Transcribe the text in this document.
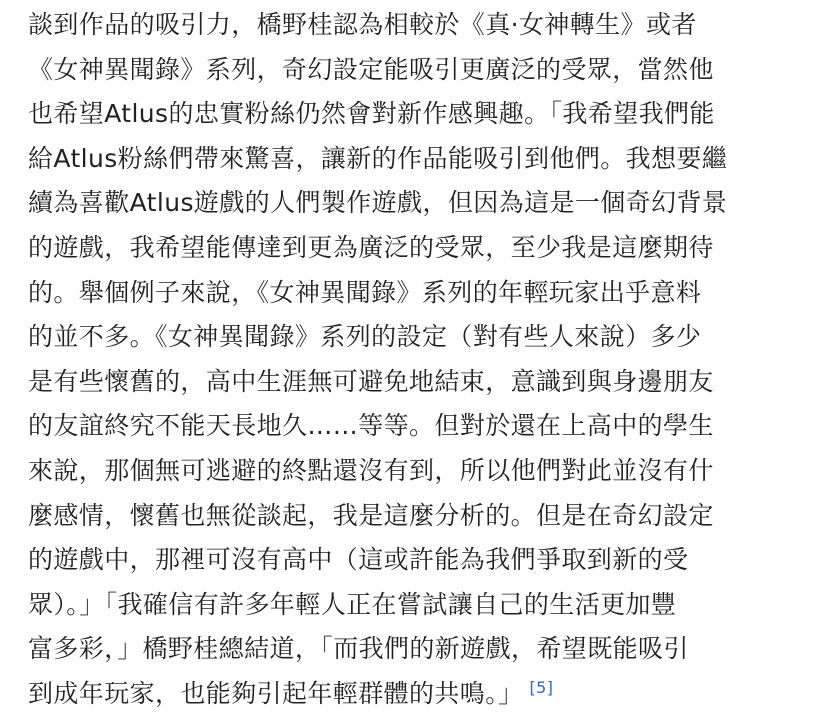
談到作品的吸引力，橋野桂認為相較於《真·女神轉生》或者
《女神異聞錄》系列，奇幻設定能吸引更廣泛的受眾，當然他
也希望Atlus的忠實粉絲仍然會對新作感興趣。「我希望我們能
給Atlus粉絲們帶來驚喜，讓新的作品能吸引到他們。我想要繼
續為喜歡Atlus遊戲的人們製作遊戲，但因為這是一個奇幻背景
的遊戲，我希望能傳達到更為廣泛的受眾，至少我是這麼期待
的。舉個例子來說，《女神異聞錄》系列的年輕玩家出乎意料
的並不多。《女神異聞錄》系列的設定（對有些人來說）多少
是有些懷舊的，高中生涯無可避免地結束，意識到與身邊朋友
的友誼終究不能天長地久……等等。但對於還在上高中的學生
來說，那個無可逃避的終點還沒有到，所以他們對此並沒有什
麼感情，懷舊也無從談起，我是這麼分析的。但是在奇幻設定
的遊戲中，那裡可沒有高中（這或許能為我們爭取到新的受
眾）。」「我確信有許多年輕人正在嘗試讓自己的生活更加豐
富多彩，」橋野桂總結道，「而我們的新遊戲，希望既能吸引
到成年玩家，也能夠引起年輕群體的共鳴。」 [5]
